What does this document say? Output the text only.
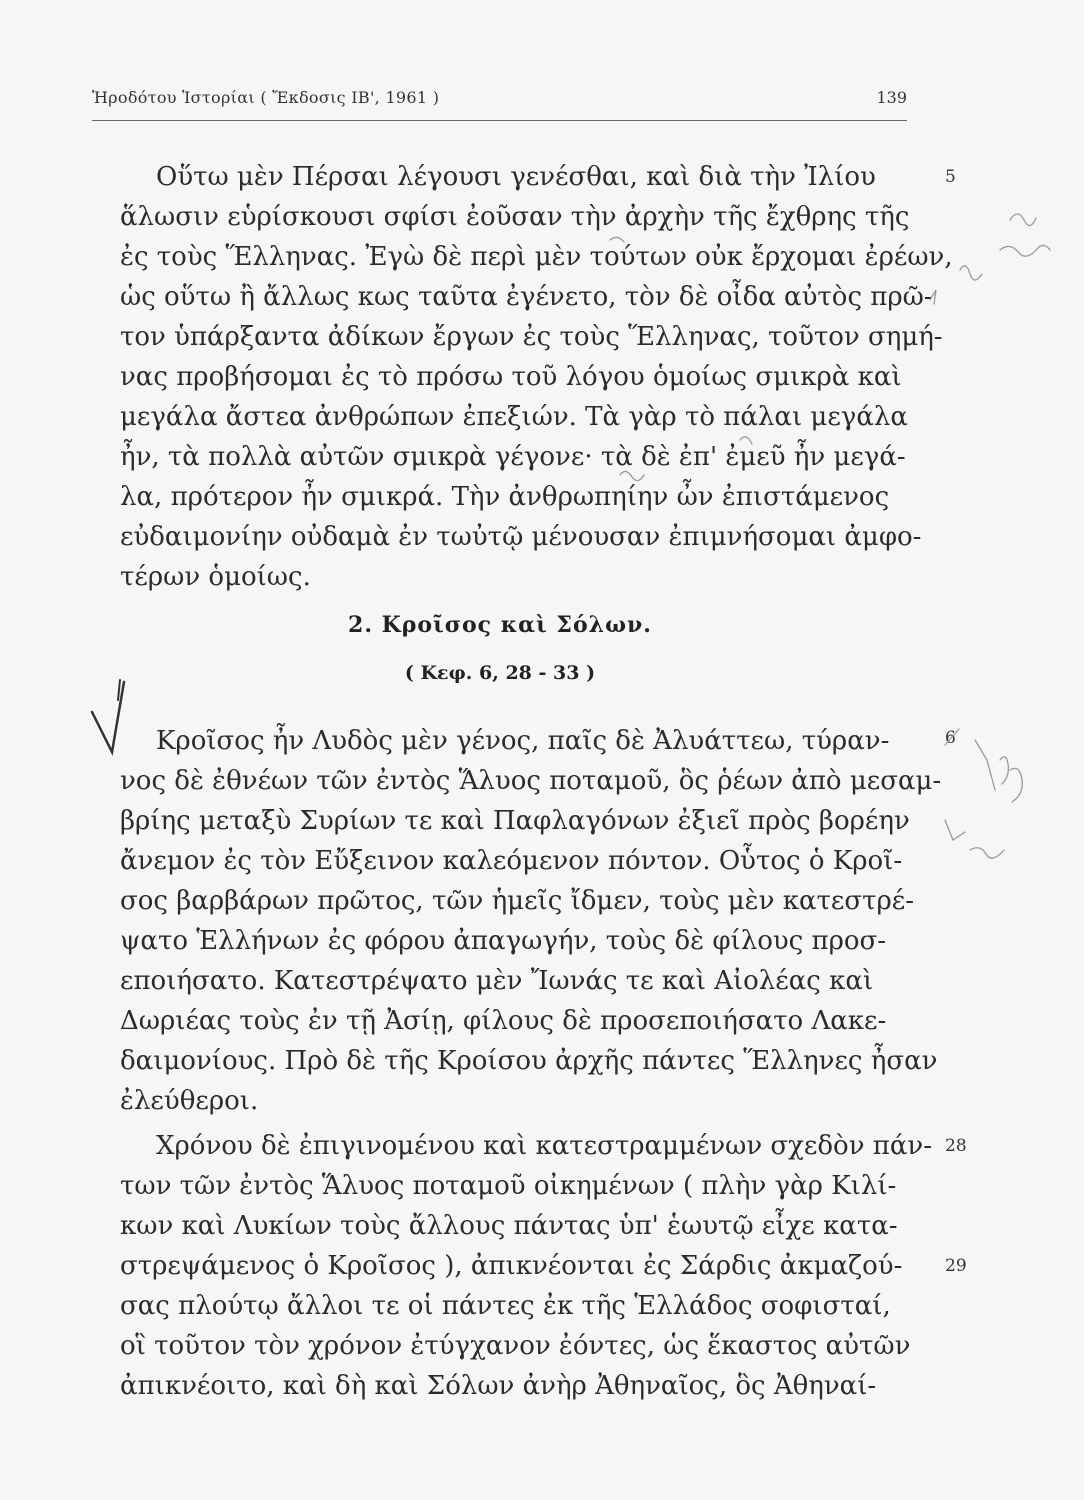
Ἡροδότου Ἱστορίαι ( Ἔκδοσις ΙΒ', 1961 )	139
Οὕτω μὲν Πέρσαι λέγουσι γενέσθαι, καὶ διὰ τὴν Ἰλίου
ἅλωσιν εὑρίσκουσι σφίσι ἐοῦσαν τὴν ἀρχὴν τῆς ἔχθρης τῆς
ἐς τοὺς Ἕλληνας. Ἐγὼ δὲ περὶ μὲν τούτων οὐκ ἔρχομαι ἐρέων,
ὡς οὕτω ἢ ἄλλως κως ταῦτα ἐγένετο, τὸν δὲ οἶδα αὐτὸς πρῶ-
τον ὑπάρξαντα ἀδίκων ἔργων ἐς τοὺς Ἕλληνας, τοῦτον σημή-
νας προβήσομαι ἐς τὸ πρόσω τοῦ λόγου ὁμοίως σμικρὰ καὶ
μεγάλα ἄστεα ἀνθρώπων ἐπεξιών. Τὰ γὰρ τὸ πάλαι μεγάλα
ἦν, τὰ πολλὰ αὐτῶν σμικρὰ γέγονε· τὰ δὲ ἐπ' ἐμεῦ ἦν μεγά-
λα, πρότερον ἦν σμικρά. Τὴν ἀνθρωπηίην ὦν ἐπιστάμενος
εὐδαιμονίην οὐδαμὰ ἐν τωὐτῷ μένουσαν ἐπιμνήσομαι ἀμφο-
τέρων ὁμοίως.
5
2. Κροῖσος καὶ Σόλων.
( Κεφ. 6, 28 - 33 )
Κροῖσος ἦν Λυδὸς μὲν γένος, παῖς δὲ Ἀλυάττεω, τύραν-
νος δὲ ἐθνέων τῶν ἐντὸς Ἅλυος ποταμοῦ, ὃς ῥέων ἀπὸ μεσαμ-
βρίης μεταξὺ Συρίων τε καὶ Παφλαγόνων ἐξιεῖ πρὸς βορέην
ἄνεμον ἐς τὸν Εὔξεινον καλεόμενον πόντον. Οὗτος ὁ Κροῖ-
σος βαρβάρων πρῶτος, τῶν ἡμεῖς ἴδμεν, τοὺς μὲν κατεστρέ-
ψατο Ἑλλήνων ἐς φόρου ἀπαγωγήν, τοὺς δὲ φίλους προσ-
εποιήσατο. Κατεστρέψατο μὲν Ἴωνάς τε καὶ Αἰολέας καὶ
Δωριέας τοὺς ἐν τῇ Ἀσίῃ, φίλους δὲ προσεποιήσατο Λακε-
δαιμονίους. Πρὸ δὲ τῆς Κροίσου ἀρχῆς πάντες Ἕλληνες ἦσαν
ἐλεύθεροι.
6
Χρόνου δὲ ἐπιγινομένου καὶ κατεστραμμένων σχεδὸν πάν-
των τῶν ἐντὸς Ἅλυος ποταμοῦ οἰκημένων ( πλὴν γὰρ Κιλί-
κων καὶ Λυκίων τοὺς ἄλλους πάντας ὑπ' ἑωυτῷ εἶχε κατα-
στρεψάμενος ὁ Κροῖσος ), ἀπικνέονται ἐς Σάρδις ἀκμαζού-
σας πλούτῳ ἄλλοι τε οἱ πάντες ἐκ τῆς Ἑλλάδος σοφισταί,
οἳ τοῦτον τὸν χρόνον ἐτύγχανον ἐόντες, ὡς ἕκαστος αὐτῶν
ἀπικνέοιτο, καὶ δὴ καὶ Σόλων ἀνὴρ Ἀθηναῖος, ὃς Ἀθηναί-
28
29
